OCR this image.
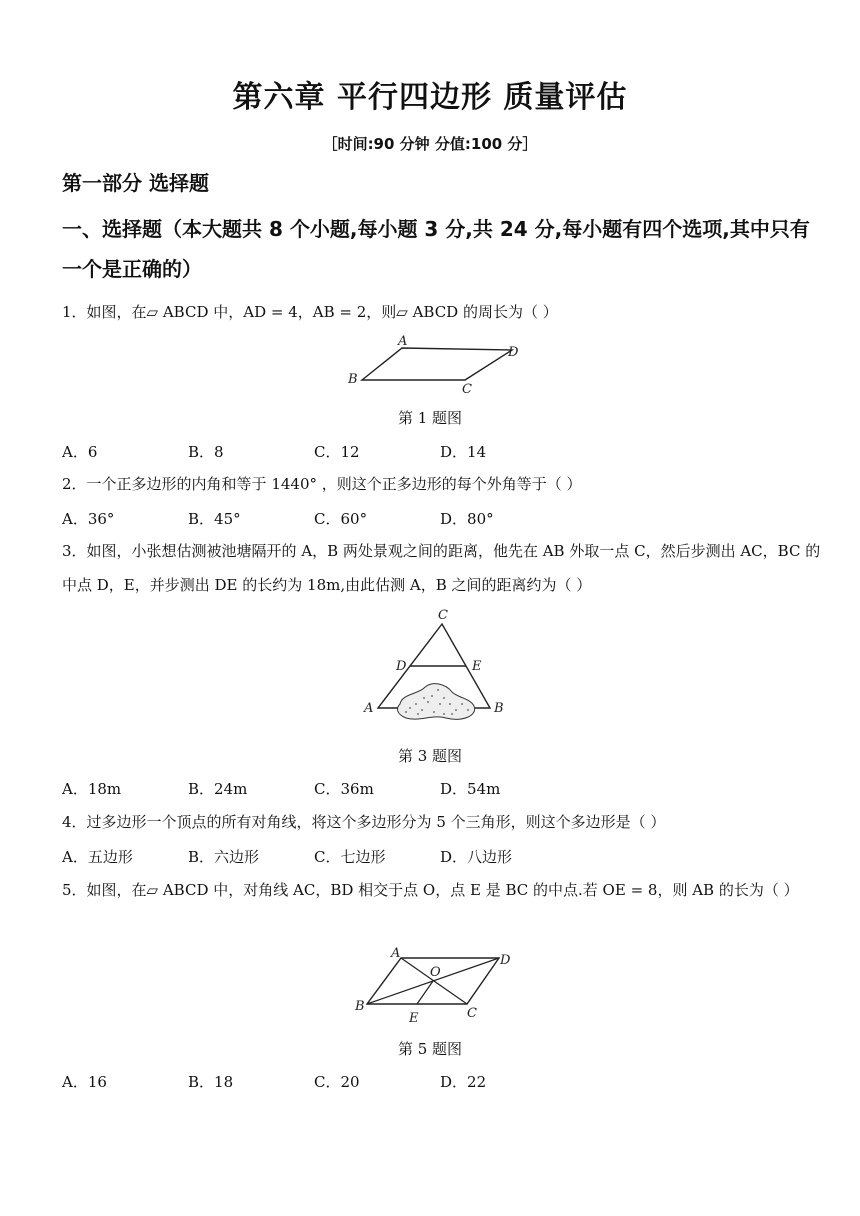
第六章 平行四边形 质量评估
［时间:90 分钟 分值:100 分］
第一部分 选择题
一、选择题（本大题共 8 个小题,每小题 3 分,共 24 分,每小题有四个选项,其中只有一个是正确的）
1．如图，在▱ ABCD 中，AD = 4，AB = 2，则▱ ABCD 的周长为（ ）
A
D
B
C
第 1 题图
A．6	B．8	C．12	D．14
2．一个正多边形的内角和等于 1440° ，则这个正多边形的每个外角等于（ ）
A．36°	B．45°	C．60°	D．80°
3．如图，小张想估测被池塘隔开的 A，B 两处景观之间的距离，他先在 AB 外取一点 C，然后步测出 AC，BC 的中点 D，E，并步测出 DE 的长约为 18m,由此估测 A，B 之间的距离约为（ ）
C
D	E
A	B
第 3 题图
A．18m	B．24m	C．36m	D．54m
4．过多边形一个顶点的所有对角线，将这个多边形分为 5 个三角形，则这个多边形是（ ）
A．五边形	B．六边形	C．七边形	D．八边形
5．如图，在▱ ABCD 中，对角线 AC，BD 相交于点 O，点 E 是 BC 的中点.若 OE = 8，则 AB 的长为（ ）
A	D
O
B
E	C
第 5 题图
A．16	B．18	C．20	D．22
